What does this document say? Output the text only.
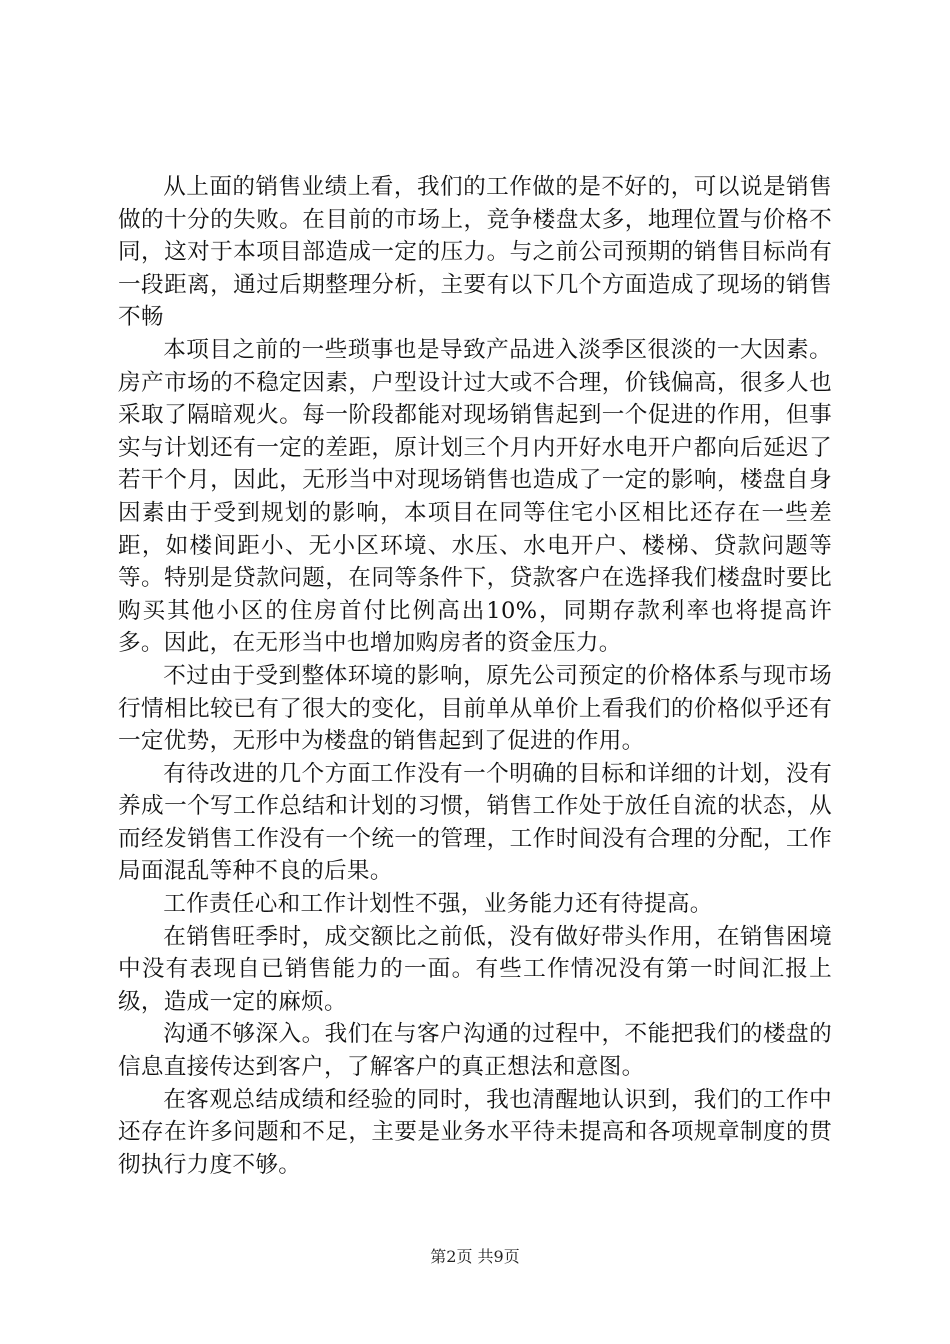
从上面的销售业绩上看，我们的工作做的是不好的，可以说是销售做的十分的失败。在目前的市场上，竞争楼盘太多，地理位置与价格不同，这对于本项目部造成一定的压力。与之前公司预期的销售目标尚有一段距离，通过后期整理分析，主要有以下几个方面造成了现场的销售不畅

本项目之前的一些琐事也是导致产品进入淡季区很淡的一大因素。房产市场的不稳定因素，户型设计过大或不合理，价钱偏高，很多人也采取了隔暗观火。每一阶段都能对现场销售起到一个促进的作用，但事实与计划还有一定的差距，原计划三个月内开好水电开户都向后延迟了若干个月，因此，无形当中对现场销售也造成了一定的影响，楼盘自身因素由于受到规划的影响，本项目在同等住宅小区相比还存在一些差距，如楼间距小、无小区环境、水压、水电开户、楼梯、贷款问题等等。特别是贷款问题，在同等条件下，贷款客户在选择我们楼盘时要比购买其他小区的住房首付比例高出10%，同期存款利率也将提高许多。因此，在无形当中也增加购房者的资金压力。

不过由于受到整体环境的影响，原先公司预定的价格体系与现市场行情相比较已有了很大的变化，目前单从单价上看我们的价格似乎还有一定优势，无形中为楼盘的销售起到了促进的作用。

有待改进的几个方面工作没有一个明确的目标和详细的计划，没有养成一个写工作总结和计划的习惯，销售工作处于放任自流的状态，从而经发销售工作没有一个统一的管理，工作时间没有合理的分配，工作局面混乱等种不良的后果。

工作责任心和工作计划性不强，业务能力还有待提高。

在销售旺季时，成交额比之前低，没有做好带头作用，在销售困境中没有表现自已销售能力的一面。有些工作情况没有第一时间汇报上级，造成一定的麻烦。

沟通不够深入。我们在与客户沟通的过程中，不能把我们的楼盘的信息直接传达到客户，了解客户的真正想法和意图。

在客观总结成绩和经验的同时，我也清醒地认识到，我们的工作中还存在许多问题和不足，主要是业务水平待未提高和各项规章制度的贯彻执行力度不够。

第2页 共9页
